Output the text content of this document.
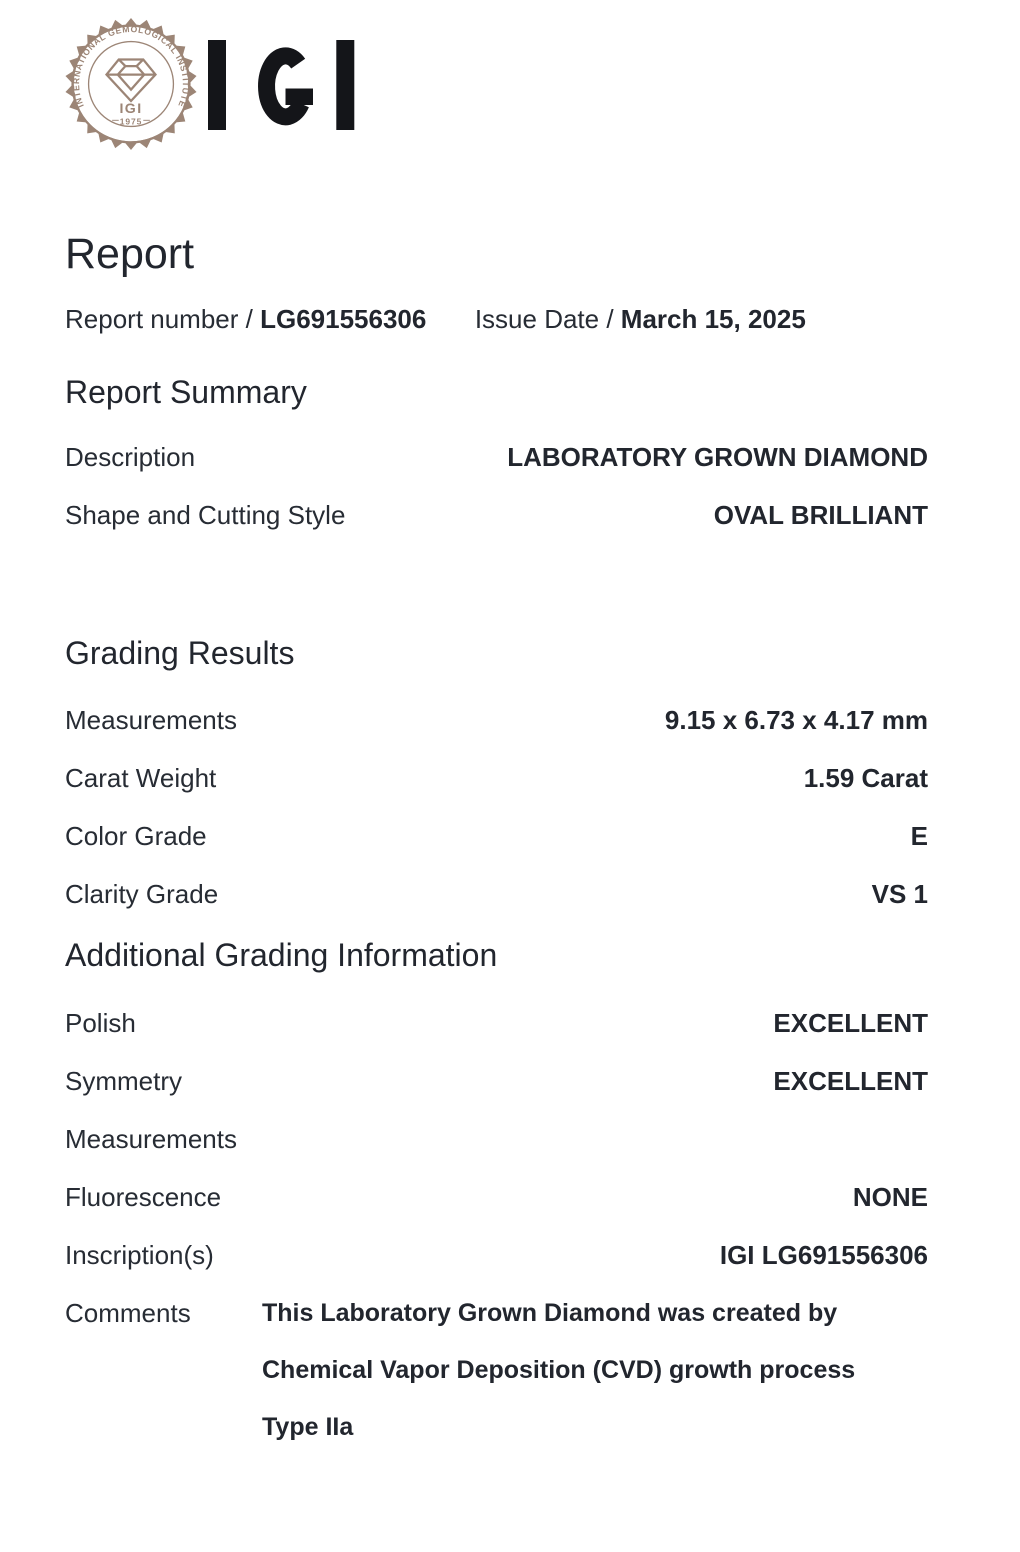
INTERNATIONAL GEMOLOGICAL INSTITUTE
IGI
1975
Report
Report number / LG691556306 Issue Date / March 15, 2025
Report Summary
Description	LABORATORY GROWN DIAMOND
Shape and Cutting Style	OVAL BRILLIANT
Grading Results
Measurements	9.15 x 6.73 x 4.17 mm
Carat Weight	1.59 Carat
Color Grade	E
Clarity Grade	VS 1
Additional Grading Information
Polish	EXCELLENT
Symmetry	EXCELLENT
Measurements
Fluorescence	NONE
Inscription(s)	IGI LG691556306
Comments	This Laboratory Grown Diamond was created by Chemical Vapor Deposition (CVD) growth process
Type IIa
